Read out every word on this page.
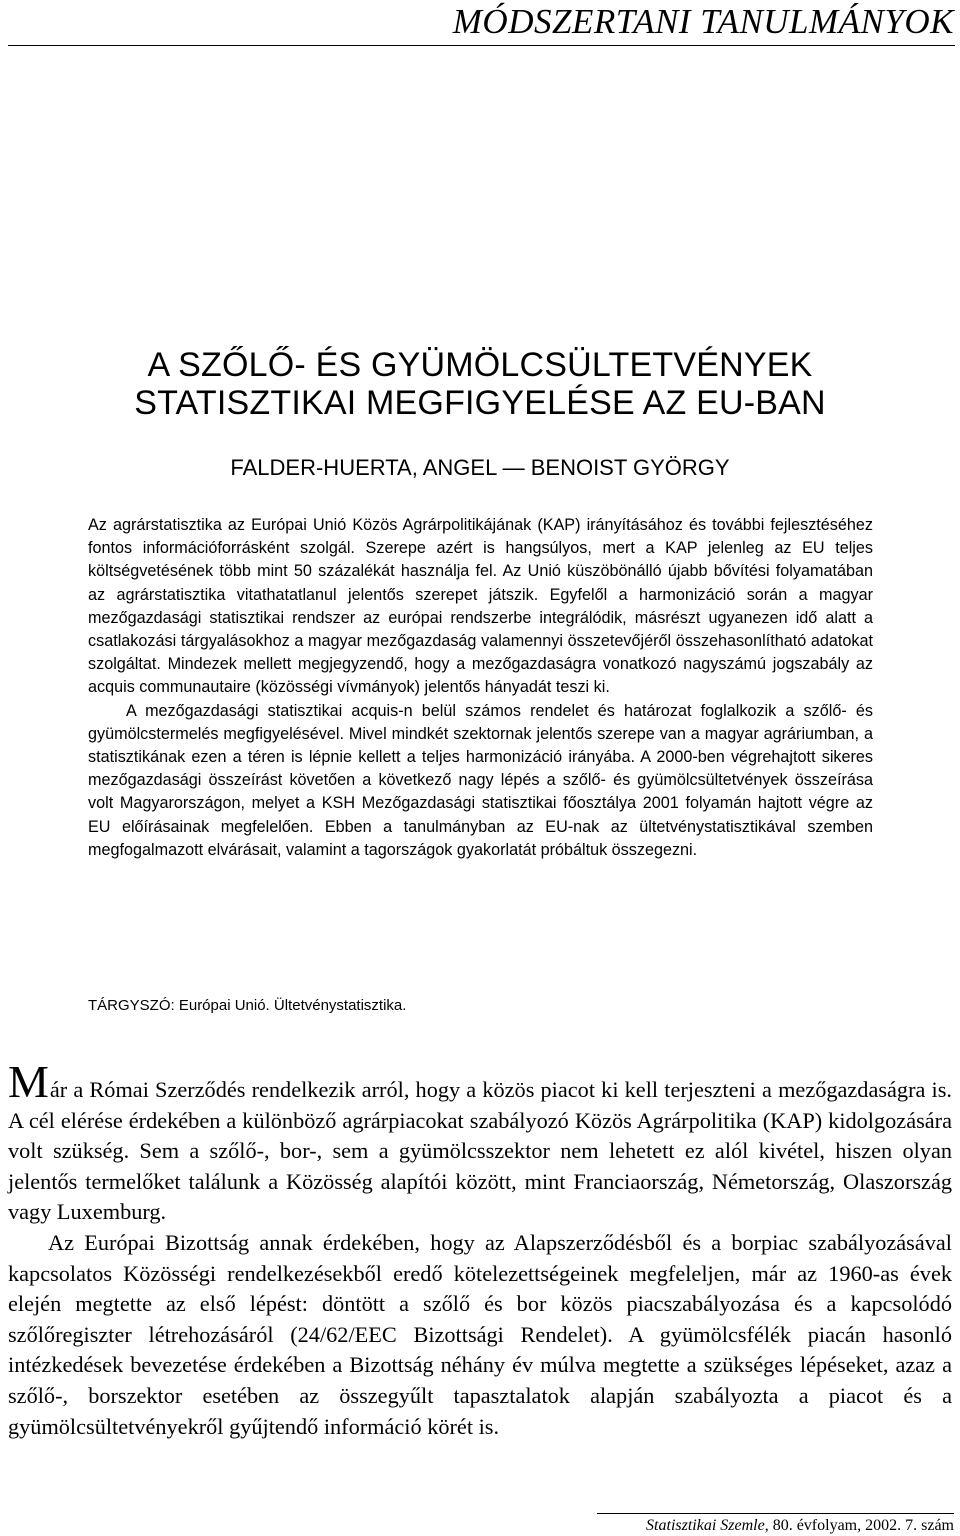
MÓDSZERTANI TANULMÁNYOK
A SZŐLŐ- ÉS GYÜMÖLCSÜLTETVÉNYEK
STATISZTIKAI MEGFIGYELÉSE AZ EU-BAN
FALDER-HUERTA, ANGEL — BENOIST GYÖRGY

Az agrárstatisztika az Európai Unió Közös Agrárpolitikájának (KAP) irányításához és további fejlesztéséhez fontos információforrásként szolgál. Szerepe azért is hangsúlyos, mert a KAP jelenleg az EU teljes költségvetésének több mint 50 százalékát használja fel. Az Unió küszöbönálló újabb bővítési folyamatában az agrárstatisztika vitathatatlanul jelentős szerepet játszik. Egyfelől a harmonizáció során a magyar mezőgazdasági statisztikai rendszer az európai rendszerbe integrálódik, másrészt ugyanezen idő alatt a csatlakozási tárgyalásokhoz a magyar mezőgazdaság valamennyi összetevőjéről összehasonlítható adatokat szolgáltat. Mindezek mellett megjegyzendő, hogy a mezőgazdaságra vonatkozó nagyszámú jogszabály az acquis communautaire (közösségi vívmányok) jelentős hányadát teszi ki.

A mezőgazdasági statisztikai acquis-n belül számos rendelet és határozat foglalkozik a szőlő- és gyümölcstermelés megfigyelésével. Mivel mindkét szektornak jelentős szerepe van a magyar agráriumban, a statisztikának ezen a téren is lépnie kellett a teljes harmonizáció irányába. A 2000-ben végrehajtott sikeres mezőgazdasági összeírást követően a következő nagy lépés a szőlő- és gyümölcsültetvények összeírása volt Magyarországon, melyet a KSH Mezőgazdasági statisztikai főosztálya 2001 folyamán hajtott végre az EU előírásainak megfelelően. Ebben a tanulmányban az EU-nak az ültetvénystatisztikával szemben megfogalmazott elvárásait, valamint a tagországok gyakorlatát próbáltuk összegezni.

TÁRGYSZÓ: Európai Unió. Ültetvénystatisztika.

Már a Római Szerződés rendelkezik arról, hogy a közös piacot ki kell terjeszteni a mezőgazdaságra is. A cél elérése érdekében a különböző agrárpiacokat szabályozó Közös Agrárpolitika (KAP) kidolgozására volt szükség. Sem a szőlő-, bor-, sem a gyümölcsszektor nem lehetett ez alól kivétel, hiszen olyan jelentős termelőket találunk a Közösség alapítói között, mint Franciaország, Németország, Olaszország vagy Luxemburg.

Az Európai Bizottság annak érdekében, hogy az Alapszerződésből és a borpiac szabályozásával kapcsolatos Közösségi rendelkezésekből eredő kötelezettségeinek megfeleljen, már az 1960-as évek elején megtette az első lépést: döntött a szőlő és bor közös piacszabályozása és a kapcsolódó szőlőregiszter létrehozásáról (24/62/EEC Bizottsági Rendelet). A gyümölcsfélék piacán hasonló intézkedések bevezetése érdekében a Bizottság néhány év múlva megtette a szükséges lépéseket, azaz a szőlő-, borszektor esetében az összegyűlt tapasztalatok alapján szabályozta a piacot és a gyümölcsültetvényekről gyűjtendő információ körét is.

Statisztikai Szemle, 80. évfolyam, 2002. 7. szám
